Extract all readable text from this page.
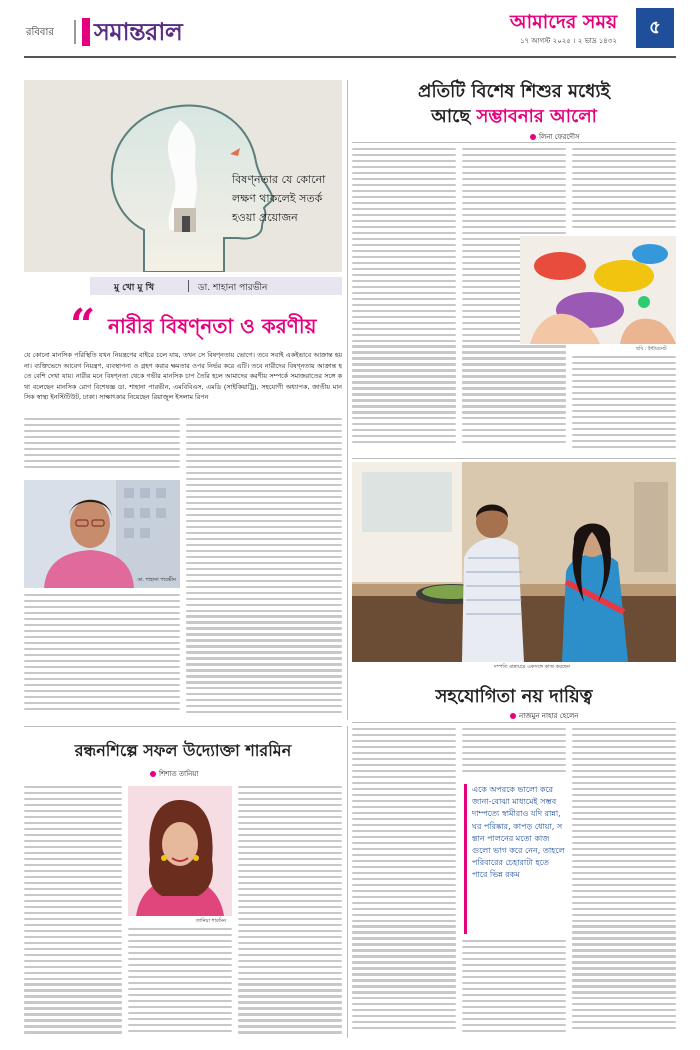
রবিবার সমান্তরাল	আমাদের সময়	৫
১৭ আগস্ট ২০২৫ । ২ ভাদ্র ১৪৩২
বিষণ্নতার যে কোনো লক্ষণ থাকলেই সতর্ক হওয়া প্রয়োজন
মু খো মু খি	ডা. শাহানা পারভীন
“ নারীর বিষণ্নতা ও করণীয়

যে কোনো মানসিক পরিস্থিতি যখন নিয়ন্ত্রণের বাইরে চলে যায়, তখন সে বিষণ্নতায় ভোগে। তবে সবাই একইভাবে আক্রান্ত হয় না। ব্যক্তিভেদে আবেগ নিয়ন্ত্রণ, ব্যবস্থাপনা ও গ্রহণ করার ক্ষমতার ওপর নির্ভর করে এটি। তবে নারীদের বিষণ্নতায় আক্রান্ত হতে বেশি দেখা যায়। নারীর মনে বিষণ্নতা থেকে গভীর মানসিক চাপ তৈরি হলে আমাদের করণীয় সম্পর্কে সমাজরাতের সঙ্গে কথা বলেছেন মানসিক রোগ বিশেষজ্ঞ ডা. শাহানা পারভীন, এমবিবিএস, এমডি (সাইকিয়াট্রি), সহযোগী অধ্যাপক, জাতীয় মানসিক স্বাস্থ্য ইনস্টিটিউট, ঢাকা। সাক্ষাৎকার নিয়েছেন রিয়াজুল ইসলাম রিপন

ডা. শাহানা পারভীন
প্রতিটি বিশেষ শিশুর মধ্যেই
আছে সম্ভাবনার আলো
লিনা ফেরদৌস
ছবি : ইন্টারনেট
দম্পতি রান্নাঘরে একসঙ্গে কাজ করছেন
সহযোগিতা নয় দায়িত্ব
নাজমুন নাহার হেলেন

একে অপরকে ভালো করে জানা-বোঝা মাধ্যমেই সম্ভব দাম্পত্যে স্বামীরাও যদি রান্না, ঘর পরিষ্কার, কাপড় ধোয়া, সন্তান পালনের মতো কাজগুলো ভাগ করে নেন, তাহলে পরিবারের চেহারাটা হতে পারে ভিন্ন রকম

রন্ধনশিল্পে সফল উদ্যোক্তা শারমিন
শিশাত তানিয়া
তানিয়া শারমিন
